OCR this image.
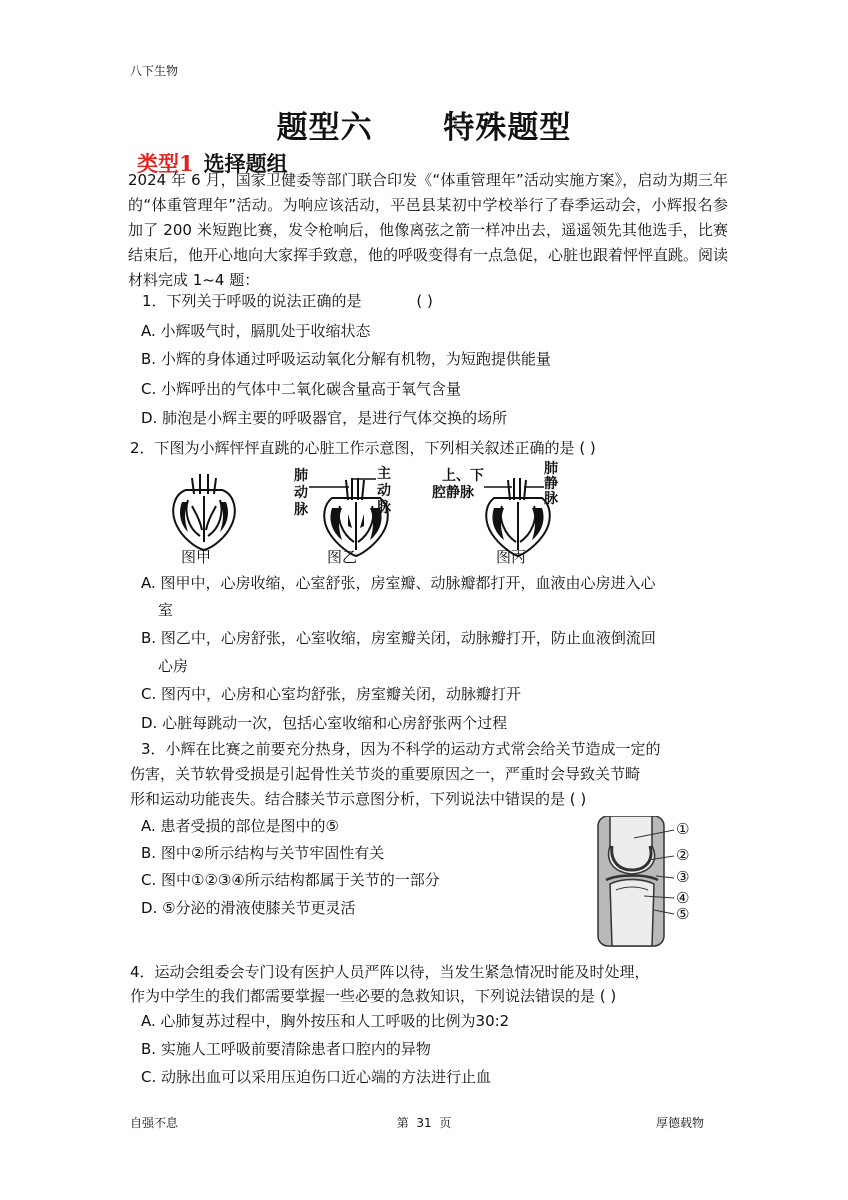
八下生物
题型六      特殊题型
类型1 选择题组
2024 年 6 月，国家卫健委等部门联合印发《“体重管理年”活动实施方案》，启动为期三年的“体重管理年”活动。为响应该活动，平邑县某初中学校举行了春季运动会，小辉报名参加了 200 米短跑比赛，发令枪响后，他像离弦之箭一样冲出去，遥遥领先其他选手，比赛结束后，他开心地向大家挥手致意，他的呼吸变得有一点急促，心脏也跟着怦怦直跳。阅读材料完成 1~4 题：
1．下列关于呼吸的说法正确的是	( )
A. 小辉吸气时，膈肌处于收缩状态
B. 小辉的身体通过呼吸运动氧化分解有机物，为短跑提供能量
C. 小辉呼出的气体中二氧化碳含量高于氧气含量
D. 肺泡是小辉主要的呼吸器官，是进行气体交换的场所
2．下图为小辉怦怦直跳的心脏工作示意图，下列相关叙述正确的是 ( )
肺
动
脉
主
动
脉
上、下
腔静脉
肺
静
脉
图甲	图乙	图丙
A. 图甲中，心房收缩，心室舒张，房室瓣、动脉瓣都打开，血液由心房进入心
室
B. 图乙中，心房舒张，心室收缩，房室瓣关闭，动脉瓣打开，防止血液倒流回
心房
C. 图丙中，心房和心室均舒张，房室瓣关闭，动脉瓣打开
D. 心脏每跳动一次，包括心室收缩和心房舒张两个过程
3．小辉在比赛之前要充分热身，因为不科学的运动方式常会给关节造成一定的
伤害，关节软骨受损是引起骨性关节炎的重要原因之一，严重时会导致关节畸
形和运动功能丧失。结合膝关节示意图分析，下列说法中错误的是 ( )
A. 患者受损的部位是图中的⑤
B. 图中②所示结构与关节牢固性有关
C. 图中①②③④所示结构都属于关节的一部分
D. ⑤分泌的滑液使膝关节更灵活
①
②
③
④
⑤
4．运动会组委会专门设有医护人员严阵以待，当发生紧急情况时能及时处理，
作为中学生的我们都需要掌握一些必要的急救知识，下列说法错误的是 ( )
A. 心肺复苏过程中，胸外按压和人工呼吸的比例为30:2
B. 实施人工呼吸前要清除患者口腔内的异物
C. 动脉出血可以采用压迫伤口近心端的方法进行止血
自强不息	第  31  页	厚德载物
